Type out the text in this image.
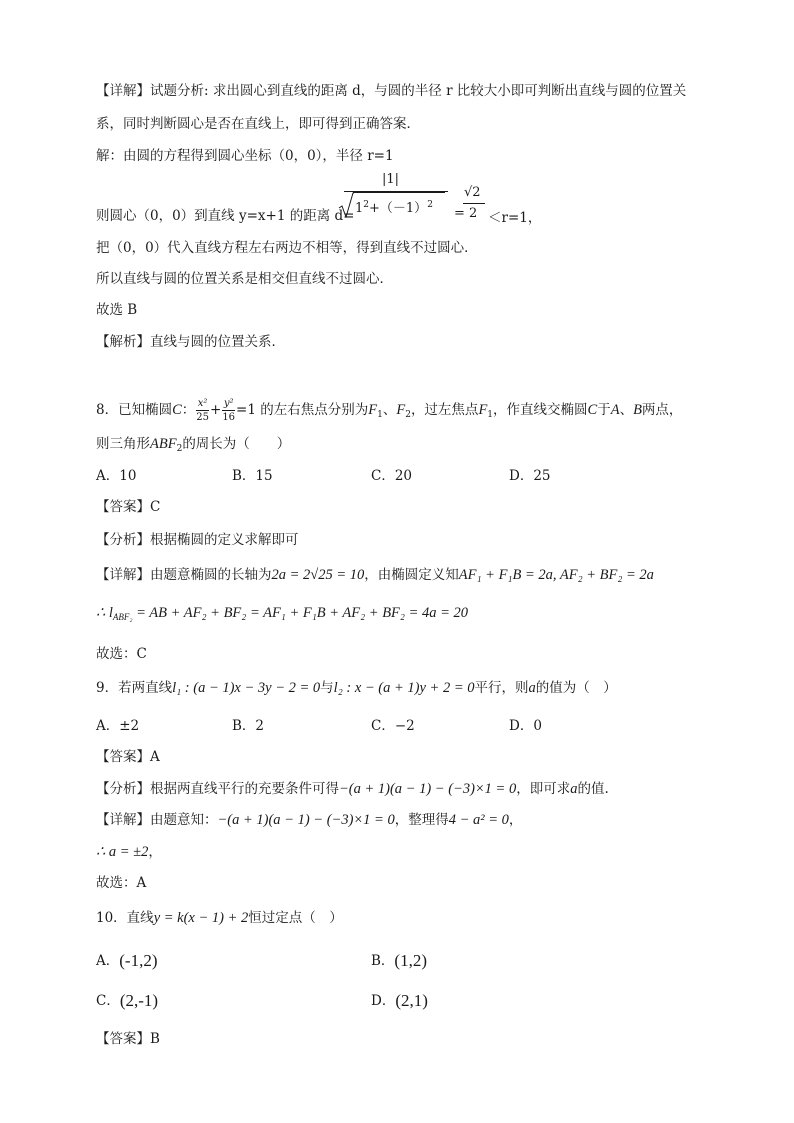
【详解】试题分析: 求出圆心到直线的距离 d，与圆的半径 r 比较大小即可判断出直线与圆的位置关
系，同时判断圆心是否在直线上，即可得到正确答案．
解：由圆的方程得到圆心坐标（0，0），半径 r=1
则圆心（0，0）到直线 y=x+1 的距离 d=
|1|
$1^2+(-1)^2$
=
√2
2 ＜r=1，
把（0，0）代入直线方程左右两边不相等，得到直线不过圆心．
所以直线与圆的位置关系是相交但直线不过圆心．
故选 B
【解析】直线与圆的位置关系．
8．已知椭圆C： $\frac{\text{x²}}{25} + \frac{\text{y²}}{16} =1$ 的左右焦点分别为$F_1$、$F_2$，过左焦点$F_1$，作直线交椭圆C于A、B两点，
则三角形$ABF_2$的周长为（　　）
A．10	B．15	C．20	D．25
【答案】C
【分析】根据椭圆的定义求解即可
【详解】由题意椭圆的长轴为2a = 2√25 = 10，由椭圆定义知AF₁ + F₁B = 2a, AF₂ + BF₂ = 2a
∴ $l_{ABF_2}$ = AB + AF₂ + BF₂ = AF₁ + F₁B + AF₂ + BF₂ = 4a = 20
故选：C
9．若两直线l₁ : (a − 1)x − 3y − 2 = 0与l₂ : x − (a + 1)y + 2 = 0平行，则a的值为（　）
A．±2	B．2	C．−2	D．0
【答案】A
【分析】根据两直线平行的充要条件可得−(a + 1)(a − 1) − (−3)×1 = 0，即可求a的值.
【详解】由题意知：−(a + 1)(a − 1) − (−3)×1 = 0，整理得4 − a² = 0，
∴ a = ±2，
故选：A
10．直线y = k(x − 1) + 2恒过定点（　）
A．(-1,2)	B．(1,2)
C．(2,-1)	D．(2,1)
【答案】B
